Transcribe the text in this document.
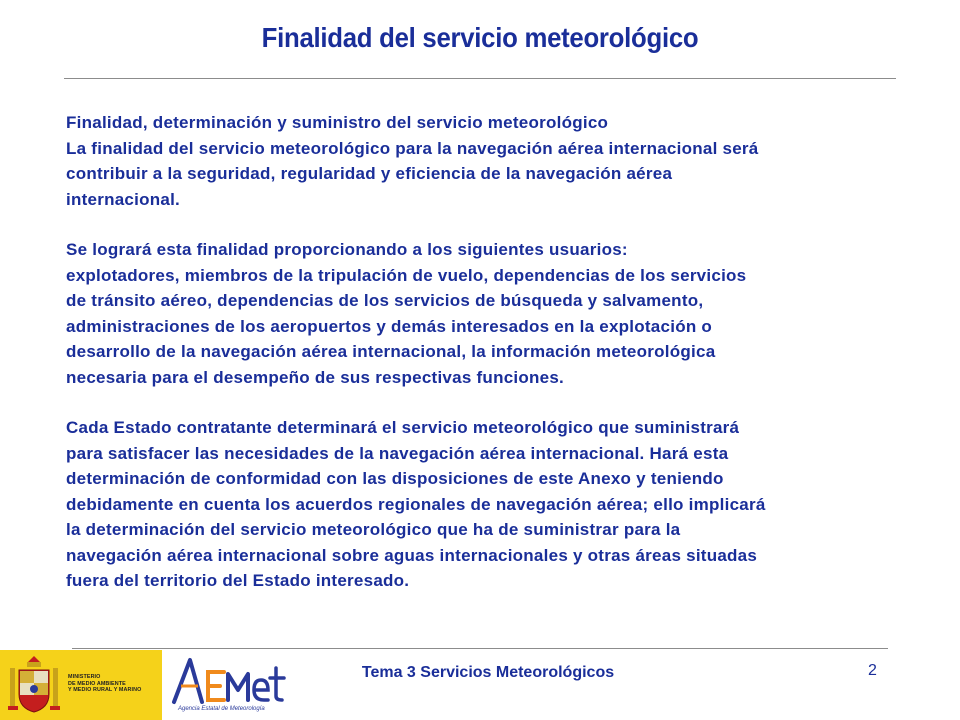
Finalidad del servicio meteorológico

Finalidad, determinación y suministro del servicio meteorológico
La finalidad del servicio meteorológico para la navegación aérea internacional será
contribuir a la seguridad, regularidad y eficiencia de la navegación aérea
internacional.

Se logrará esta finalidad proporcionando a los siguientes usuarios:
explotadores, miembros de la tripulación de vuelo, dependencias de los servicios
de tránsito aéreo, dependencias de los servicios de búsqueda y salvamento,
administraciones de los aeropuertos y demás interesados en la explotación o
desarrollo de la navegación aérea internacional, la información meteorológica
necesaria para el desempeño de sus respectivas funciones.

Cada Estado contratante determinará el servicio meteorológico que suministrará
para satisfacer las necesidades de la navegación aérea internacional. Hará esta
determinación de conformidad con las disposiciones de este Anexo y teniendo
debidamente en cuenta los acuerdos regionales de navegación aérea; ello implicará
la determinación del servicio meteorológico que ha de suministrar para la
navegación aérea internacional sobre aguas internacionales y otras áreas situadas
fuera del territorio del Estado interesado.

MINISTERIO
DE MEDIO AMBIENTE
Y MEDIO RURAL Y MARINO
Agencia Estatal de Meteorología
Tema 3 Servicios Meteorológicos	2
